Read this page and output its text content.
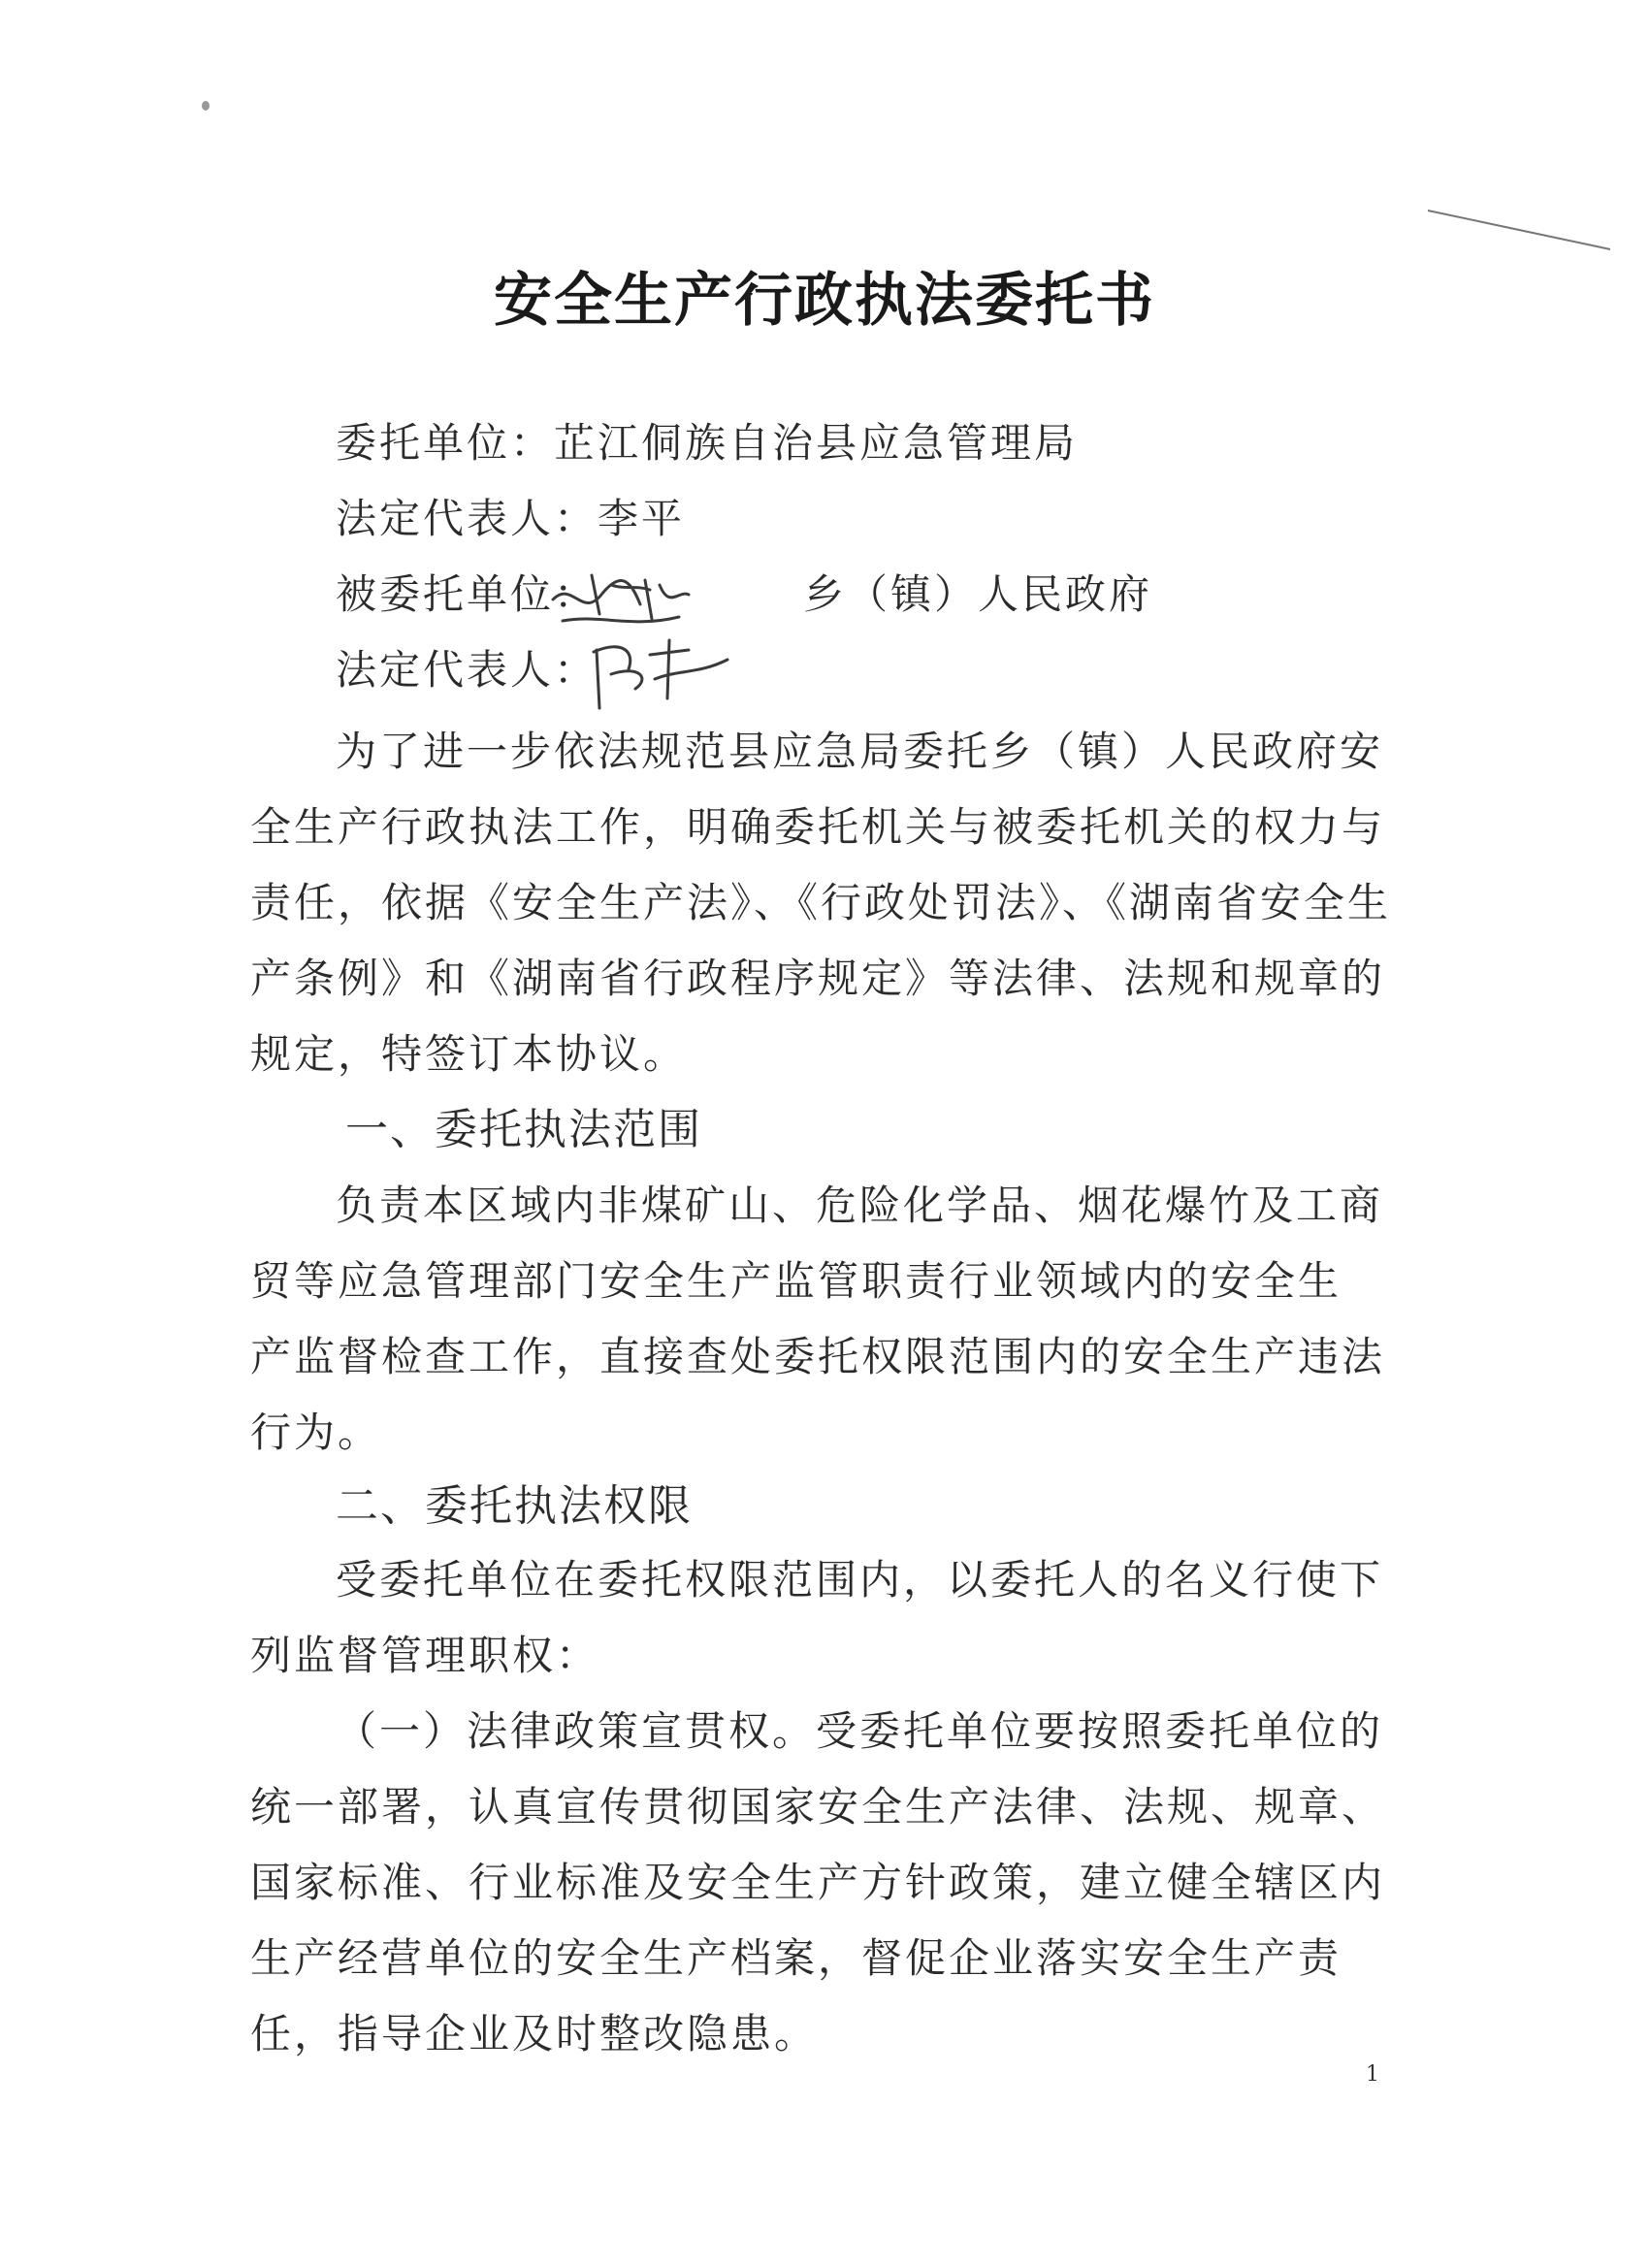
安全生产行政执法委托书
委托单位：芷江侗族自治县应急管理局
法定代表人：李平
被委托单位：	乡（镇）人民政府
法定代表人：
为了进一步依法规范县应急局委托乡（镇）人民政府安
全生产行政执法工作，明确委托机关与被委托机关的权力与
责任，依据《安全生产法》、《行政处罚法》、《湖南省安全生
产条例》和《湖南省行政程序规定》等法律、法规和规章的
规定，特签订本协议。
一、委托执法范围
负责本区域内非煤矿山、危险化学品、烟花爆竹及工商
贸等应急管理部门安全生产监管职责行业领域内的安全生
产监督检查工作，直接查处委托权限范围内的安全生产违法
行为。
二、委托执法权限
受委托单位在委托权限范围内，以委托人的名义行使下
列监督管理职权：
（一）法律政策宣贯权。受委托单位要按照委托单位的
统一部署，认真宣传贯彻国家安全生产法律、法规、规章、
国家标准、行业标准及安全生产方针政策，建立健全辖区内
生产经营单位的安全生产档案，督促企业落实安全生产责
任，指导企业及时整改隐患。
1
